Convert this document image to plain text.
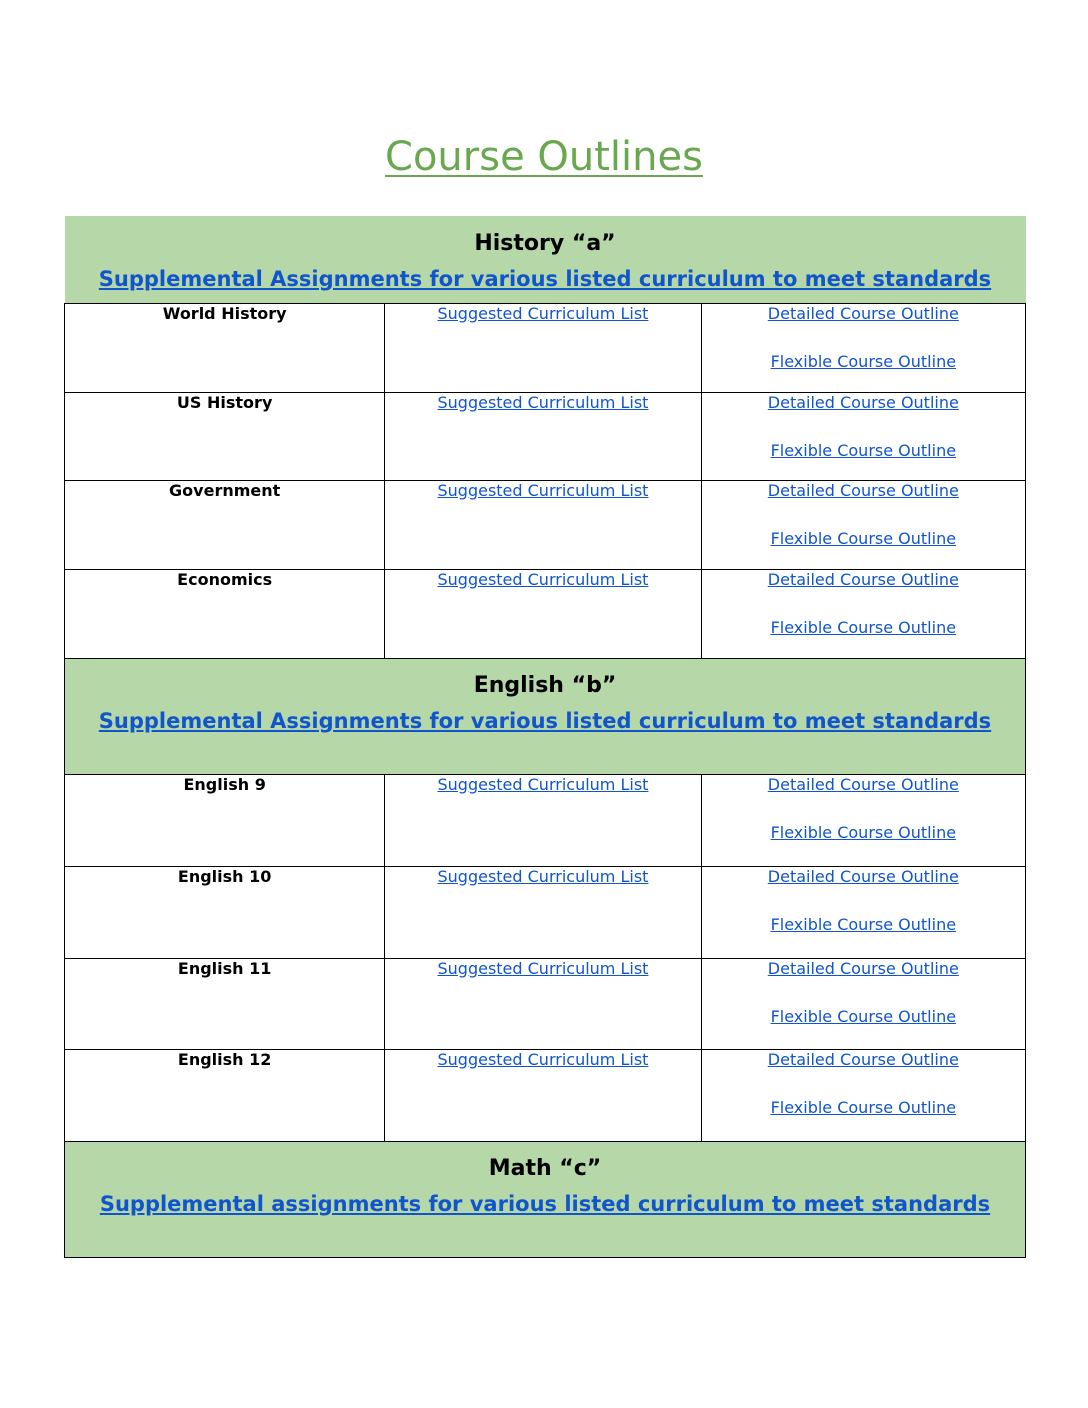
Course Outlines
History “a”
Supplemental Assignments for various listed curriculum to meet standards		
World History	Suggested Curriculum List	Detailed Course Outline
Flexible Course Outline

US History	Suggested Curriculum List	Detailed Course Outline
Flexible Course Outline

Government	Suggested Curriculum List	Detailed Course Outline
Flexible Course Outline

Economics	Suggested Curriculum List	Detailed Course Outline
Flexible Course Outline

English “b”
Supplemental Assignments for various listed curriculum to meet standards		
English 9	Suggested Curriculum List	Detailed Course Outline
Flexible Course Outline

English 10	Suggested Curriculum List	Detailed Course Outline
Flexible Course Outline

English 11	Suggested Curriculum List	Detailed Course Outline
Flexible Course Outline

English 12	Suggested Curriculum List	Detailed Course Outline
Flexible Course Outline

Math “c”
Supplemental assignments for various listed curriculum to meet standards		
